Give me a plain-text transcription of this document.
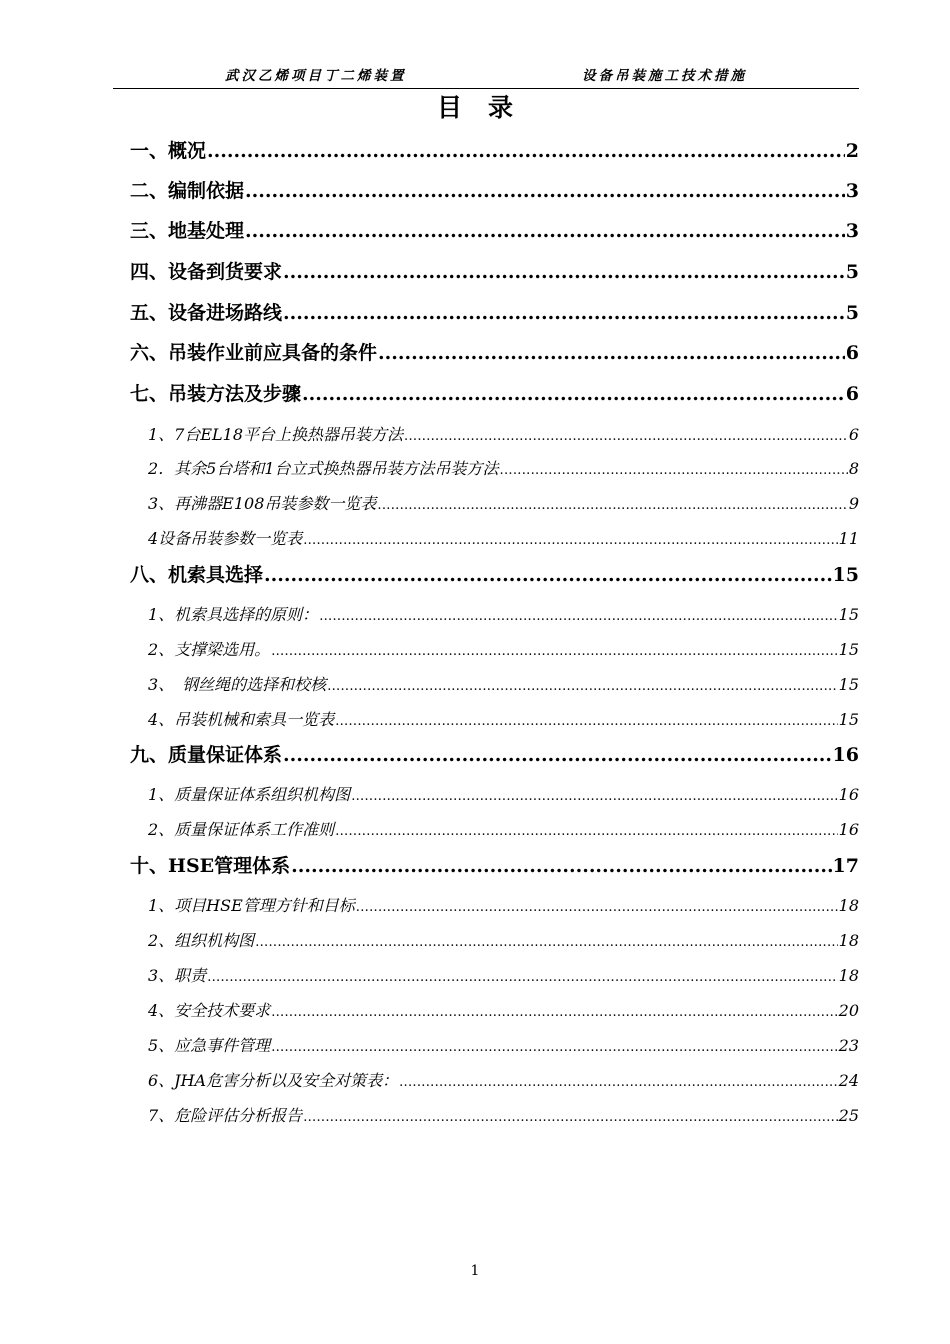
武汉乙烯项目丁二烯装置	设备吊装施工技术措施
目录
一、概况 .....	2
二、编制依据 .....	3
三、地基处理 .....	3
四、设备到货要求 .....	5
五、设备进场路线 .....	5
六、吊装作业前应具备的条件 .....	6
七、吊装方法及步骤 .....	6
1、7台EL18平台上换热器吊装方法 .....	6
2．其余5台塔和1台立式换热器吊装方法吊装方法 .....	8
3、再沸器E108吊装参数一览表 .....	9
4设备吊装参数一览表 .....	11
八、机索具选择 .....	15
1、机索具选择的原则： .....	15
2、支撑梁选用。 .....	15
3、　钢丝绳的选择和校核 .....	15
4、吊装机械和索具一览表 .....	15
九、质量保证体系 .....	16
1、质量保证体系组织机构图 .....	16
2、质量保证体系工作准则 .....	16
十、HSE管理体系 .....	17
1、项目HSE管理方针和目标 .....	18
2、组织机构图 .....	18
3、职责 .....	18
4、安全技术要求 .....	20
5、应急事件管理 .....	23
6、JHA危害分析以及安全对策表： .....	24
7、危险评估分析报告 .....	25
1
